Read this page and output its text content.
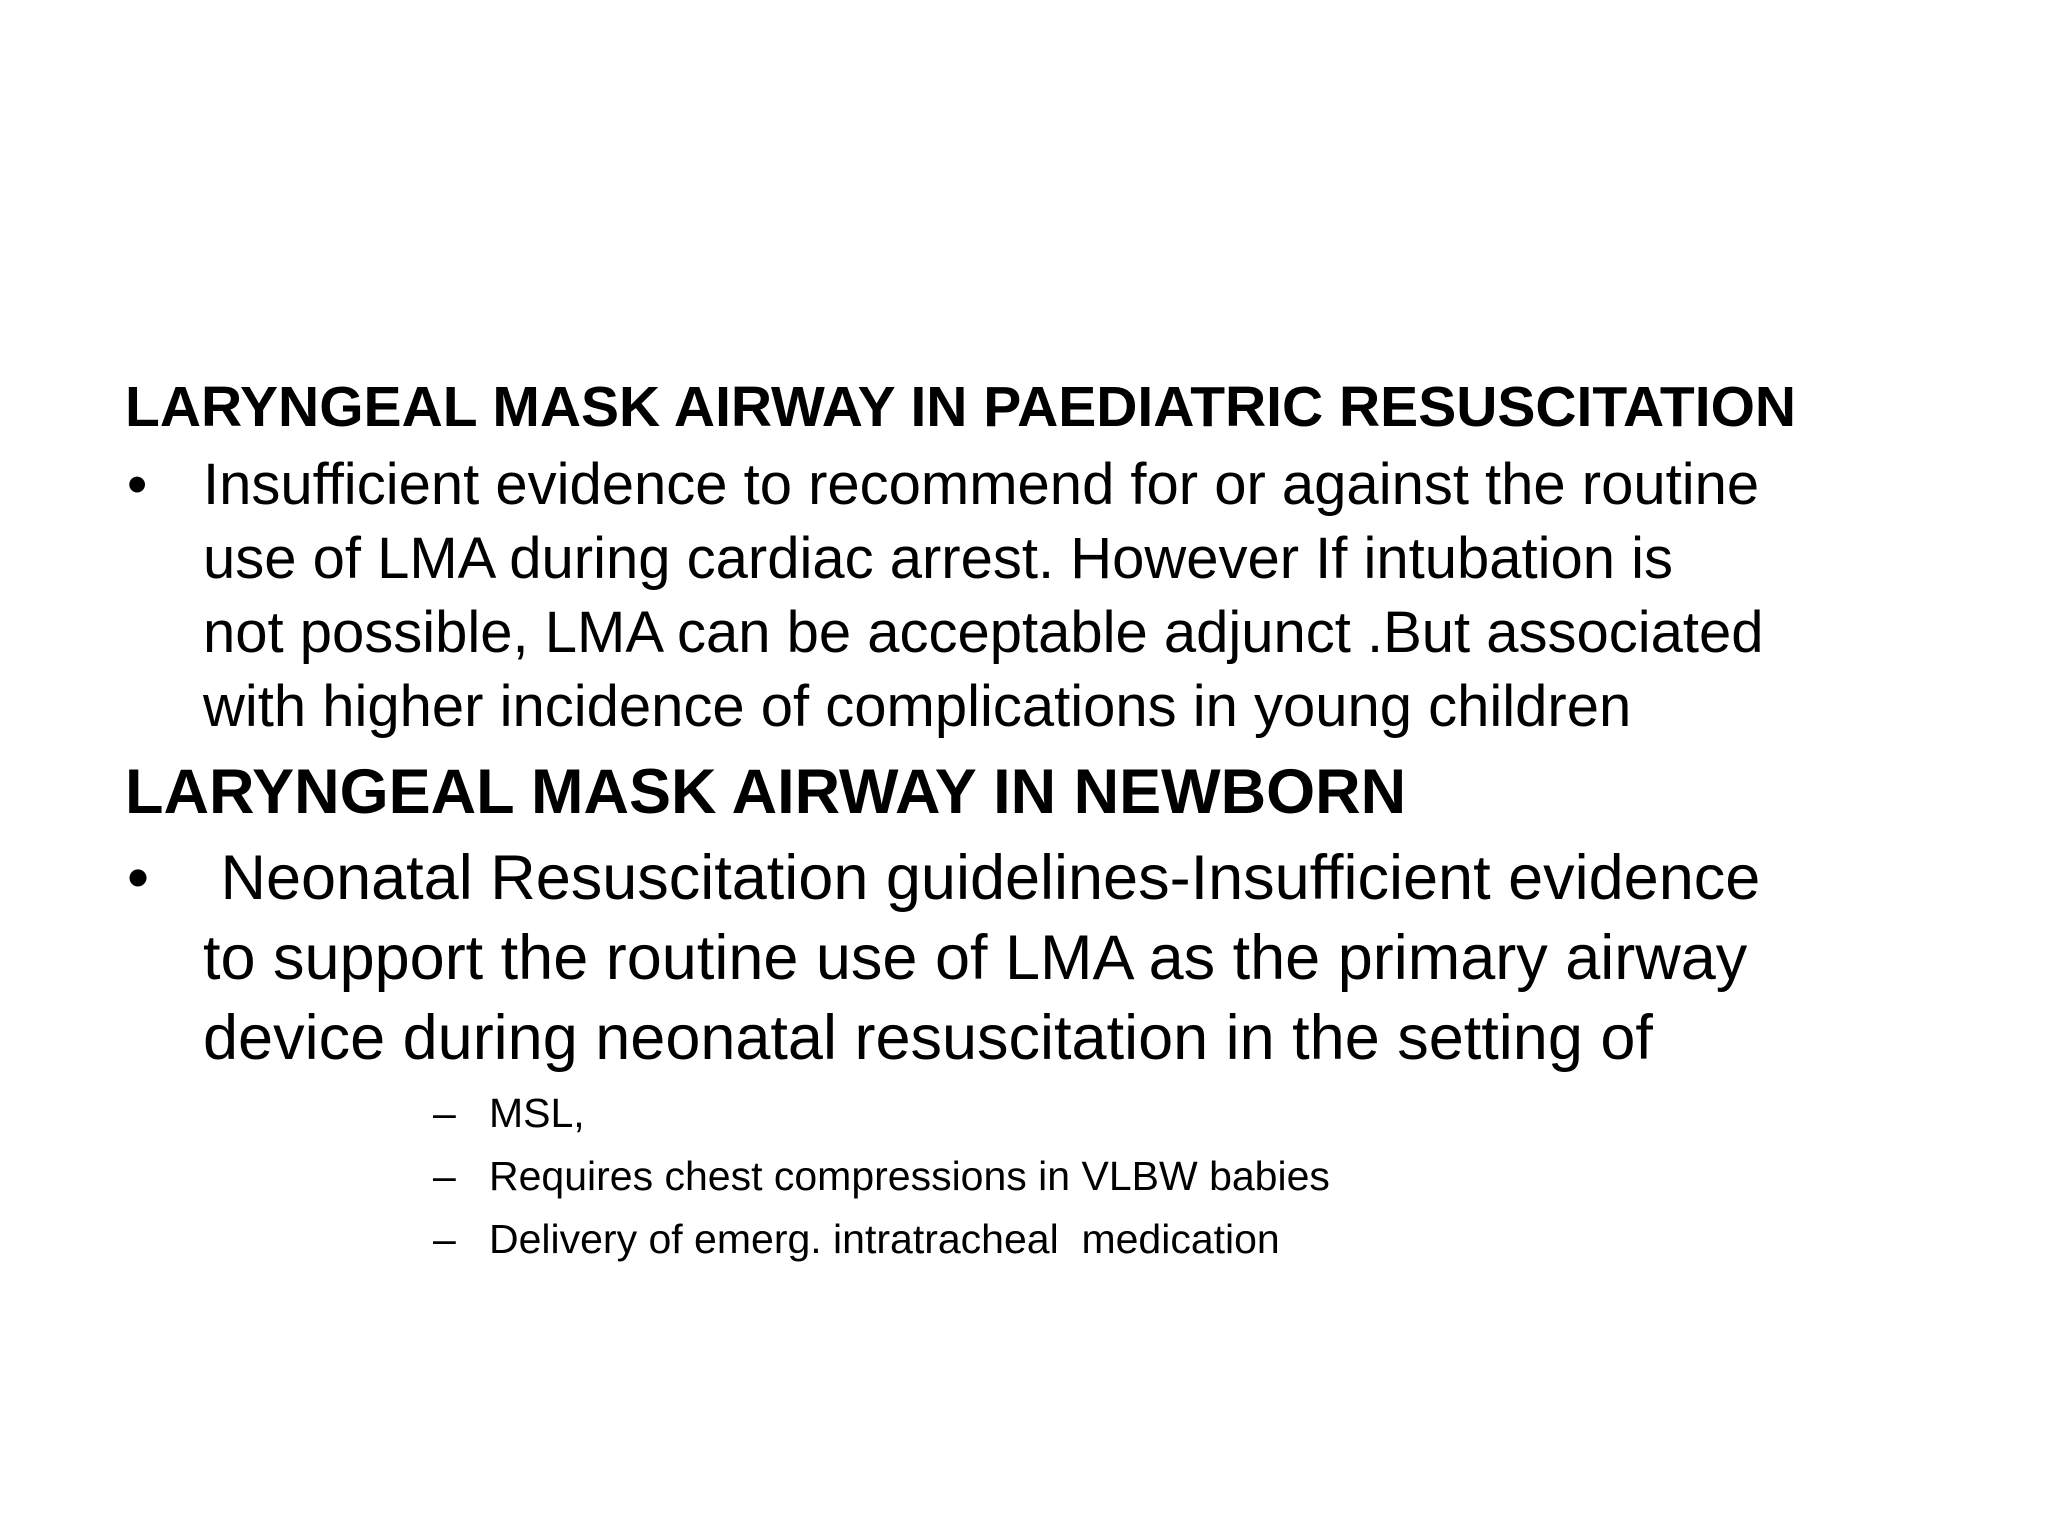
LARYNGEAL MASK AIRWAY IN PAEDIATRIC RESUSCITATION
• Insufficient evidence to recommend for or against the routine
use of LMA during cardiac arrest. However If intubation is
not possible, LMA can be acceptable adjunct .But associated
with higher incidence of complications in young children
LARYNGEAL MASK AIRWAY IN NEWBORN
• Neonatal Resuscitation guidelines-Insufficient evidence
to support the routine use of LMA as the primary airway
device during neonatal resuscitation in the setting of
– MSL,
– Requires chest compressions in VLBW babies
– Delivery of emerg. intratracheal  medication
